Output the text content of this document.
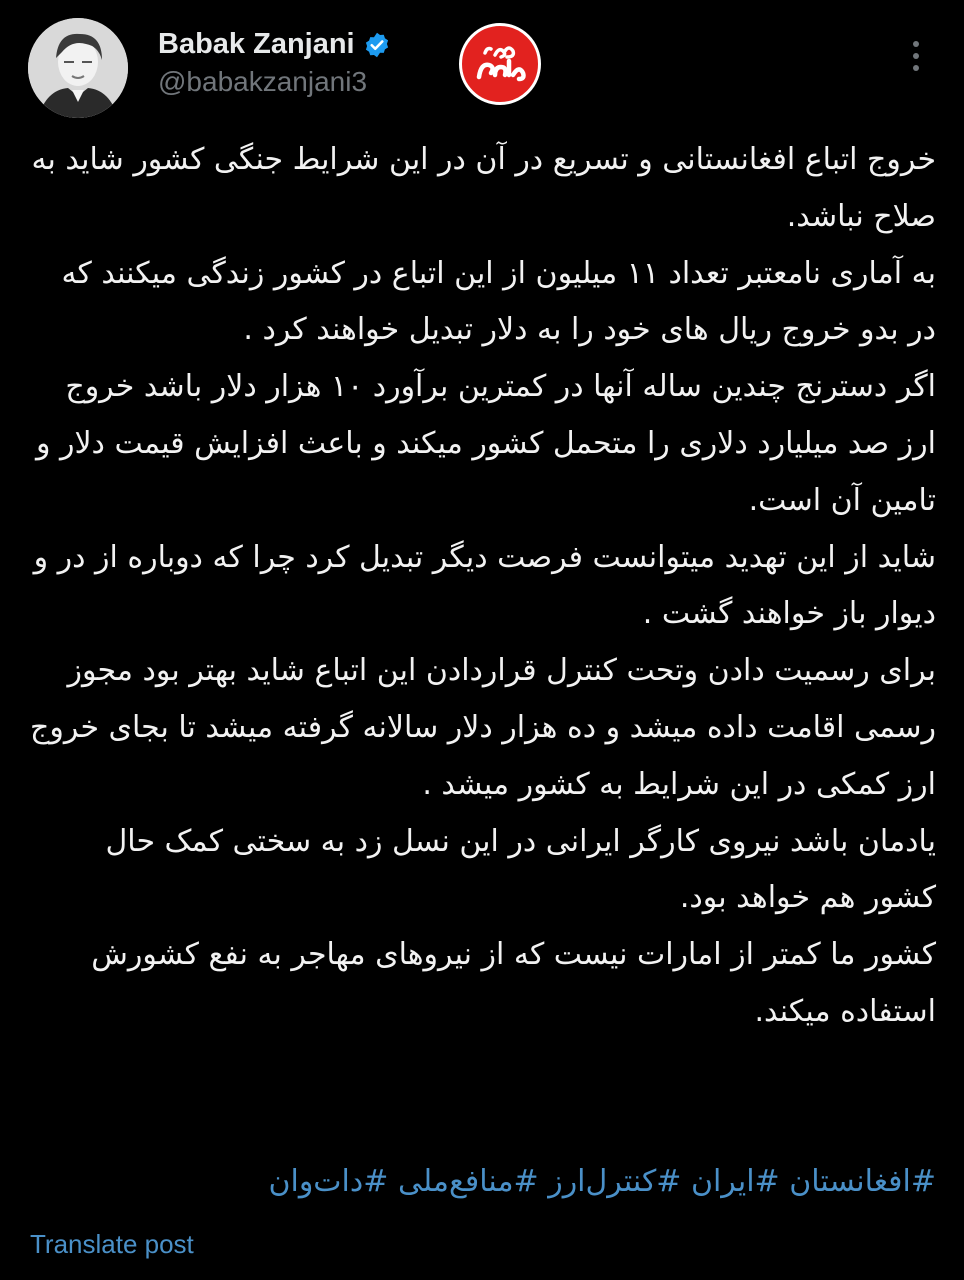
Babak Zanjani
@babakzanjani3
خروج اتباع افغانستانی و تسریع در آن در این شرایط جنگی کشور شاید به صلاح نباشد.
به آماری نامعتبر تعداد ۱۱ میلیون از این اتباع در کشور زندگی میکنند که در بدو خروج ریال های خود را به دلار تبدیل خواهند کرد .
اگر دسترنج چندین ساله آنها در کمترین برآورد ۱۰ هزار دلار باشد خروج ارز صد میلیارد دلاری را متحمل کشور میکند و باعث افزایش قیمت دلار و تامین آن است.
شاید از این تهدید میتوانست فرصت دیگر تبدیل کرد چرا که دوباره از در و دیوار باز خواهند گشت .
برای رسمیت دادن وتحت کنترل قراردادن این اتباع شاید بهتر بود مجوز رسمی اقامت داده میشد و ده هزار دلار سالانه گرفته میشد تا بجای خروج ارز کمکی در این شرایط به کشور میشد .
یادمان باشد نیروی کارگر ایرانی در این نسل زد به سختی کمک حال کشور هم خواهد بود.
کشور ما کمتر از امارات نیست که از نیروهای مهاجر به نفع کشورش استفاده میکند.
#افغانستان #ایران #کنترل‌ارز #منافع‌ملی #دات‌وان
Translate post
